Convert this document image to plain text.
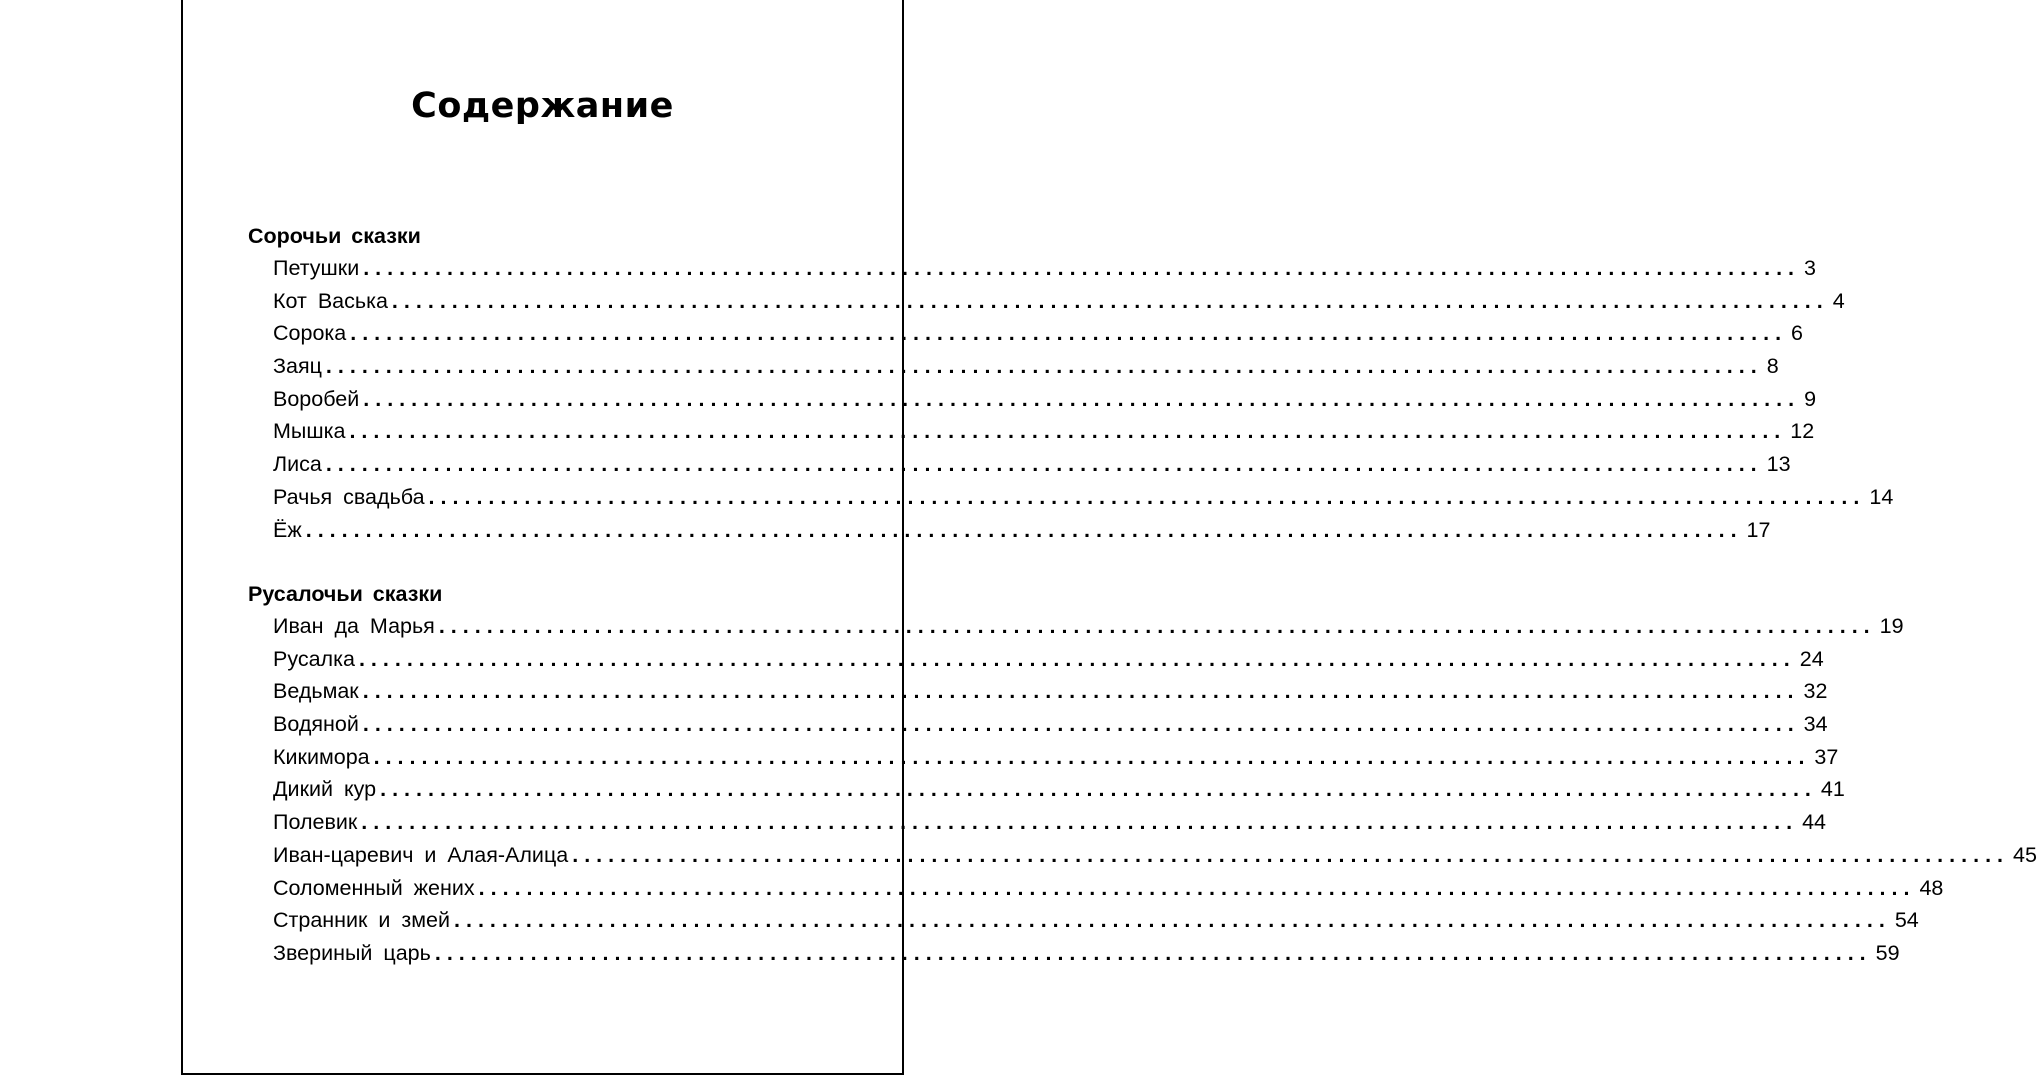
Содержание
Сорочьи сказки
Петушки ........................................................................................................................ 3
Кот Васька ........................................................................................................................ 4
Сорока ........................................................................................................................ 6
Заяц ........................................................................................................................ 8
Воробей ........................................................................................................................ 9
Мышка ........................................................................................................................ 12
Лиса ........................................................................................................................ 13
Рачья свадьба ........................................................................................................................ 14
Ёж ........................................................................................................................ 17
Русалочьи сказки
Иван да Марья ........................................................................................................................ 19
Русалка ........................................................................................................................ 24
Ведьмак ........................................................................................................................ 32
Водяной ........................................................................................................................ 34
Кикимора ........................................................................................................................ 37
Дикий кур ........................................................................................................................ 41
Полевик ........................................................................................................................ 44
Иван-царевич и Алая-Алица ........................................................................................................................ 45
Соломенный жених ........................................................................................................................ 48
Странник и змей ........................................................................................................................ 54
Звериный царь ........................................................................................................................ 59
